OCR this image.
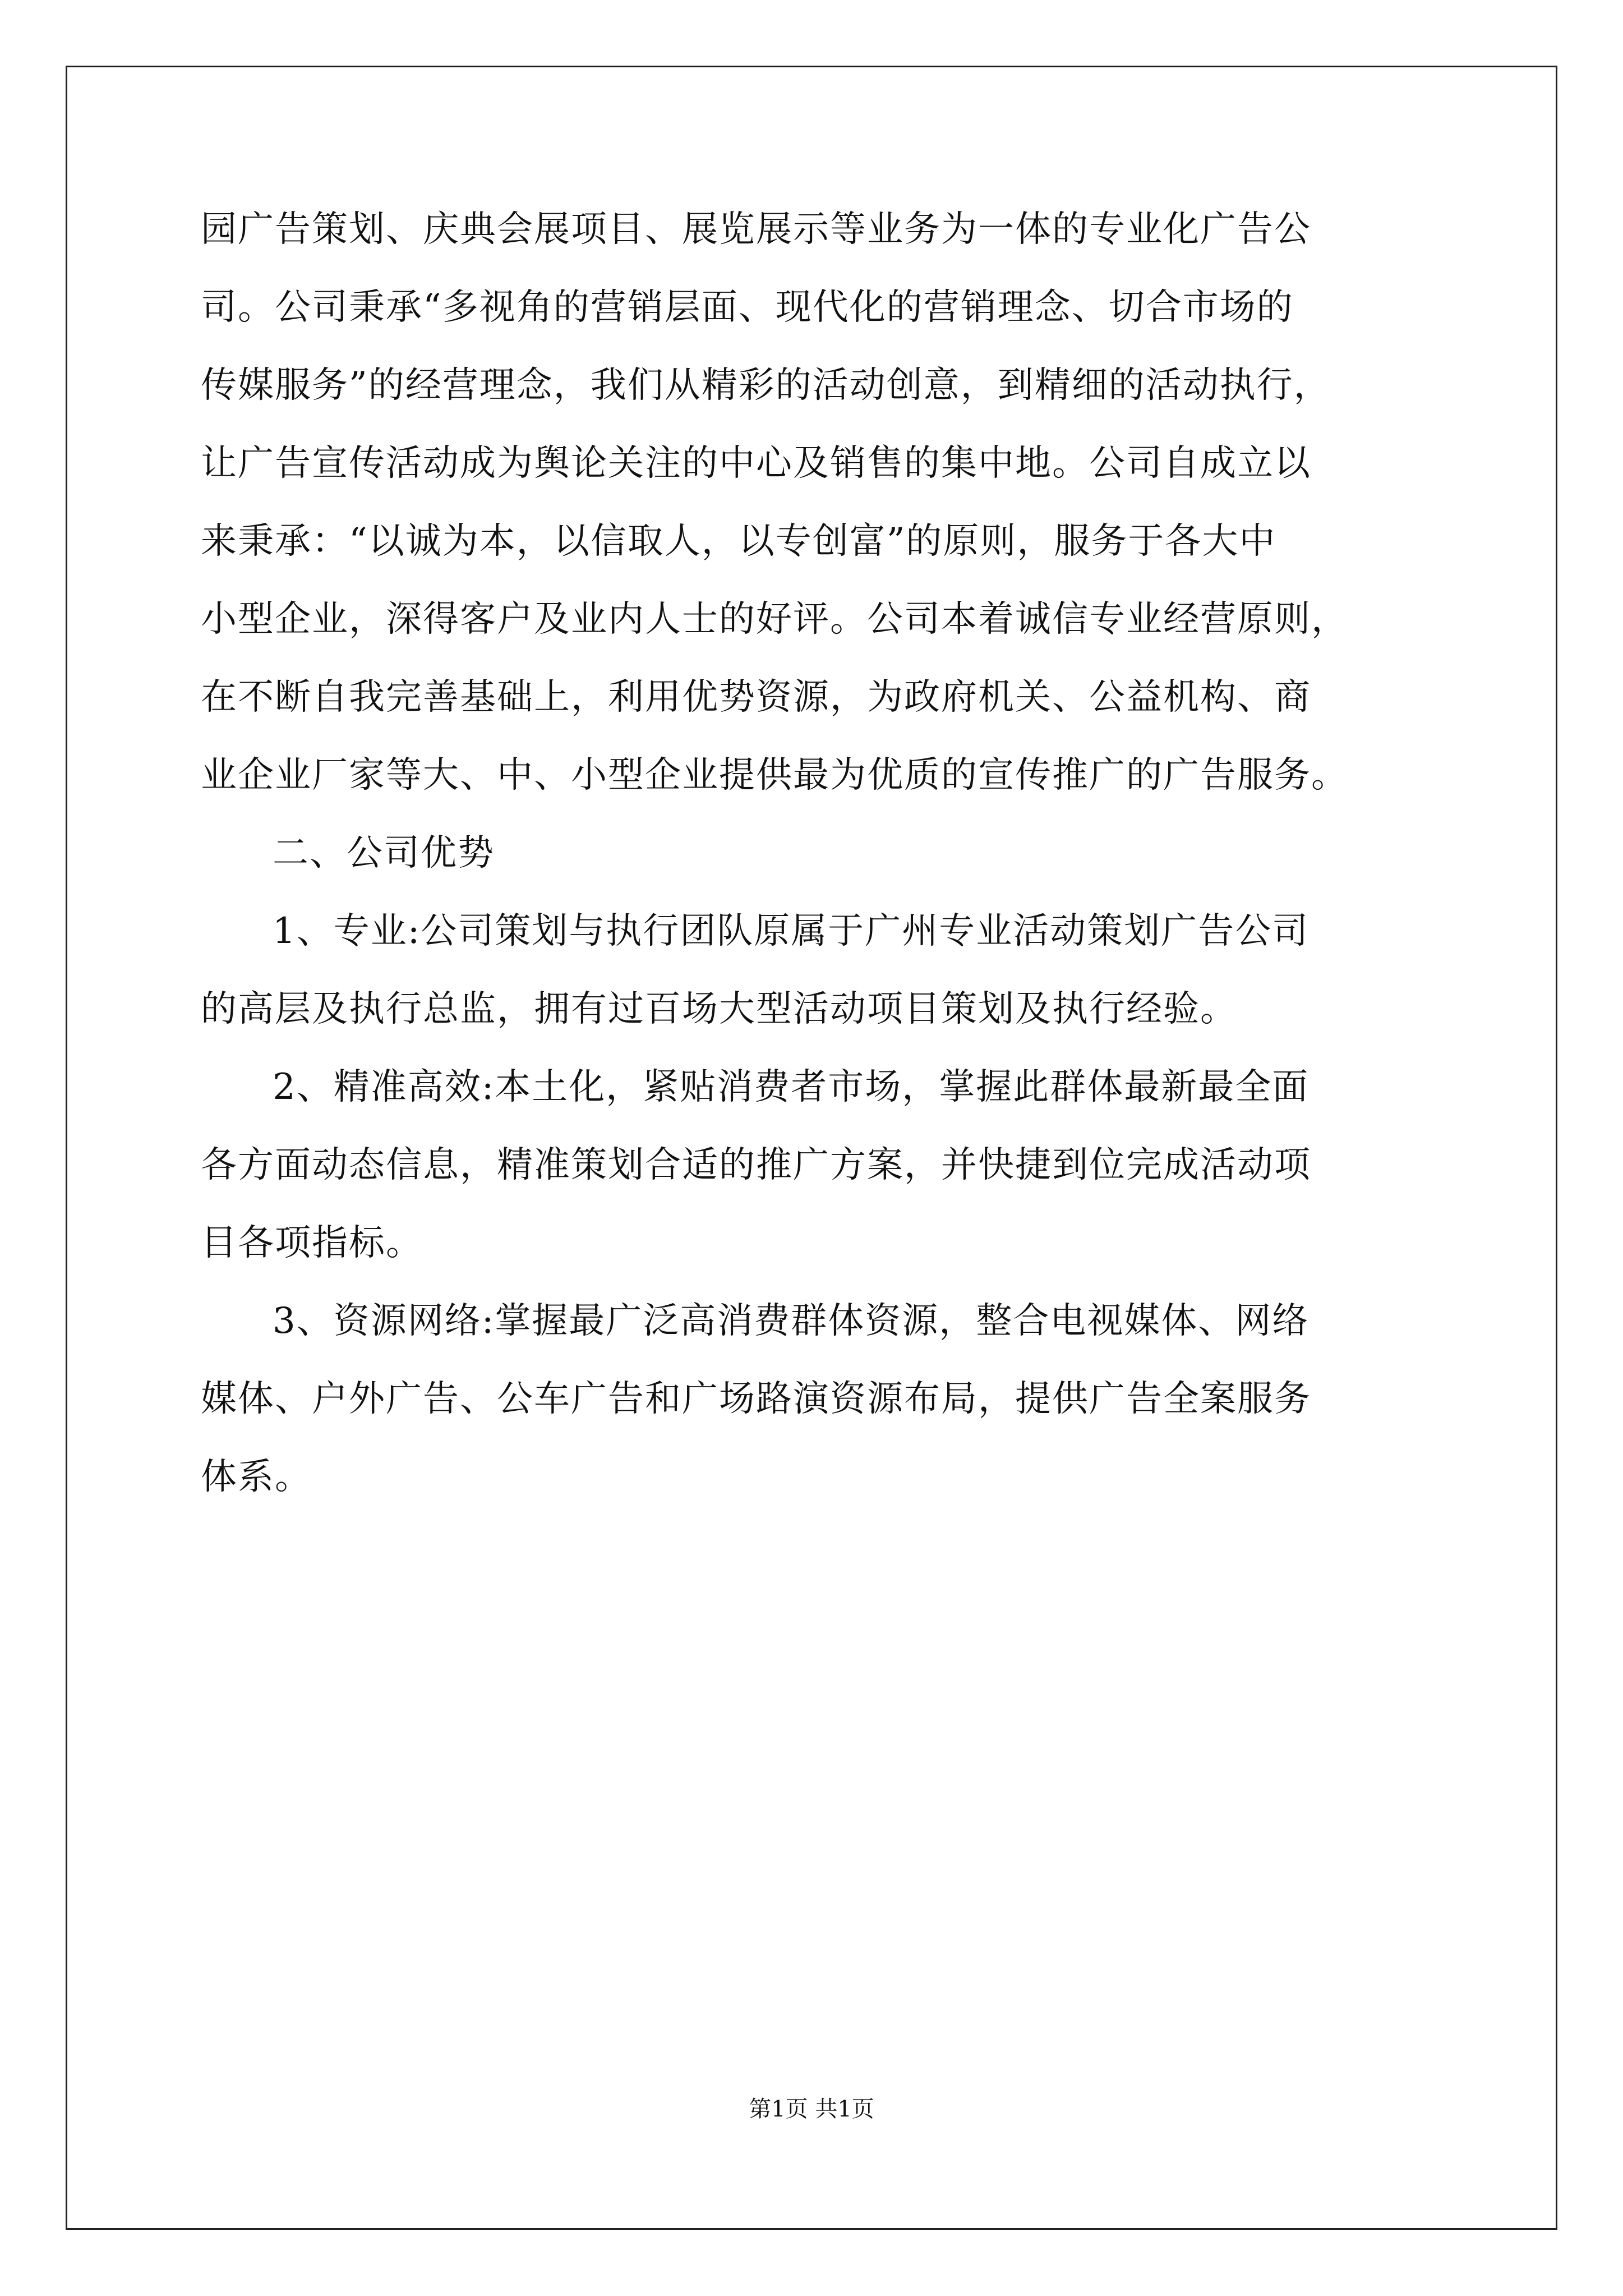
园广告策划、庆典会展项目、展览展示等业务为一体的专业化广告公
司。公司秉承“多视角的营销层面、现代化的营销理念、切合市场的
传媒服务”的经营理念，我们从精彩的活动创意，到精细的活动执行，
让广告宣传活动成为舆论关注的中心及销售的集中地。公司自成立以
来秉承：“以诚为本，以信取人，以专创富”的原则，服务于各大中
小型企业，深得客户及业内人士的好评。公司本着诚信专业经营原则，
在不断自我完善基础上，利用优势资源，为政府机关、公益机构、商
业企业厂家等大、中、小型企业提供最为优质的宣传推广的广告服务。
二、公司优势
1、专业:公司策划与执行团队原属于广州专业活动策划广告公司
的高层及执行总监，拥有过百场大型活动项目策划及执行经验。
2、精准高效:本土化，紧贴消费者市场，掌握此群体最新最全面
各方面动态信息，精准策划合适的推广方案，并快捷到位完成活动项
目各项指标。
3、资源网络:掌握最广泛高消费群体资源，整合电视媒体、网络
媒体、户外广告、公车广告和广场路演资源布局，提供广告全案服务
体系。
第1页 共1页
